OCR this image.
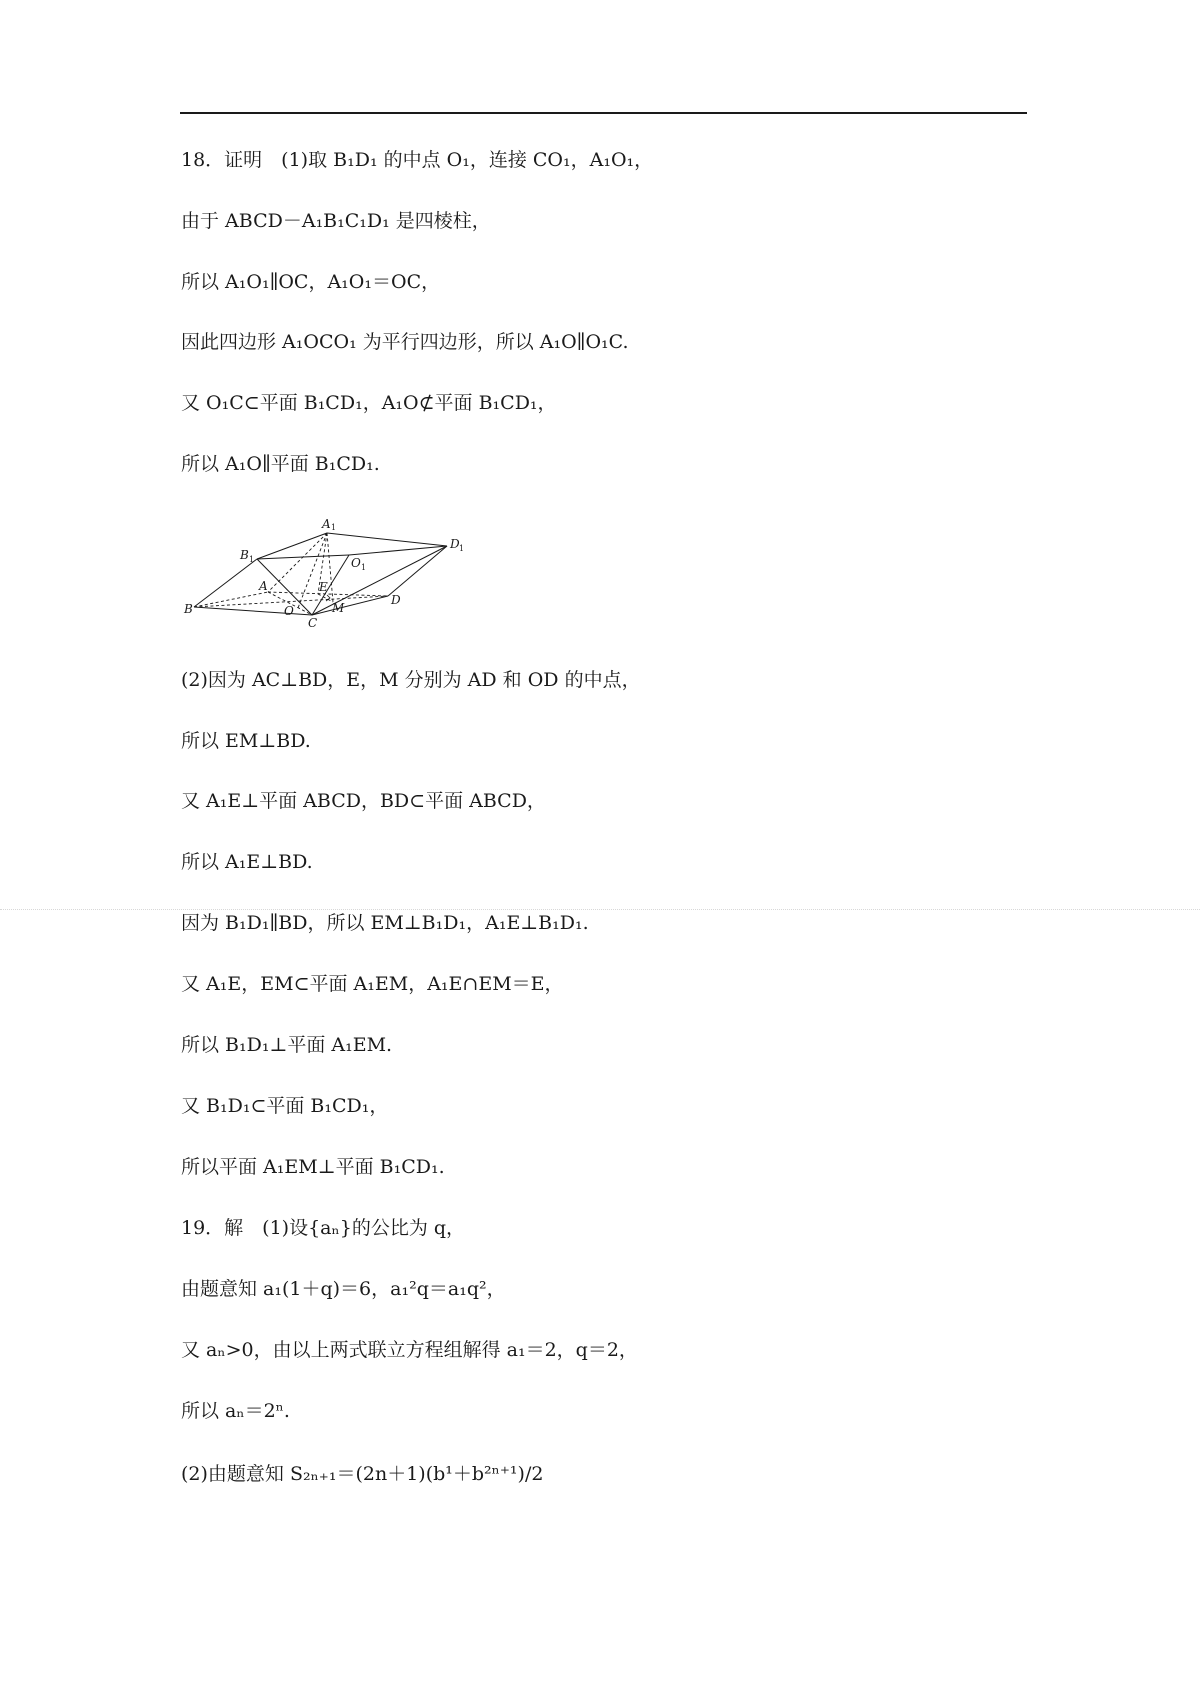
18．证明　(1)取 B₁D₁ 的中点 O₁，连接 CO₁，A₁O₁，
由于 ABCD－A₁B₁C₁D₁ 是四棱柱，
所以 A₁O₁∥OC，A₁O₁＝OC，
因此四边形 A₁OCO₁ 为平行四边形，所以 A₁O∥O₁C.
又 O₁C⊂平面 B₁CD₁，A₁O⊄平面 B₁CD₁，
所以 A₁O∥平面 B₁CD₁.
A 1
B 1
D 1
O 1
A	E
B	O	M
D
C
(2)因为 AC⊥BD，E，M 分别为 AD 和 OD 的中点，
所以 EM⊥BD.
又 A₁E⊥平面 ABCD，BD⊂平面 ABCD，
所以 A₁E⊥BD.
因为 B₁D₁∥BD，所以 EM⊥B₁D₁，A₁E⊥B₁D₁.
又 A₁E，EM⊂平面 A₁EM，A₁E∩EM＝E，
所以 B₁D₁⊥平面 A₁EM.
又 B₁D₁⊂平面 B₁CD₁，
所以平面 A₁EM⊥平面 B₁CD₁.
19．解　(1)设{aₙ}的公比为 q，
由题意知 a₁(1＋q)＝6，a₁²q＝a₁q²，
又 aₙ>0，由以上两式联立方程组解得 a₁＝2，q＝2，
所以 aₙ＝2ⁿ.
(2)由题意知 S₂ₙ₊₁＝(2n＋1)(b¹＋b²ⁿ⁺¹)/2
